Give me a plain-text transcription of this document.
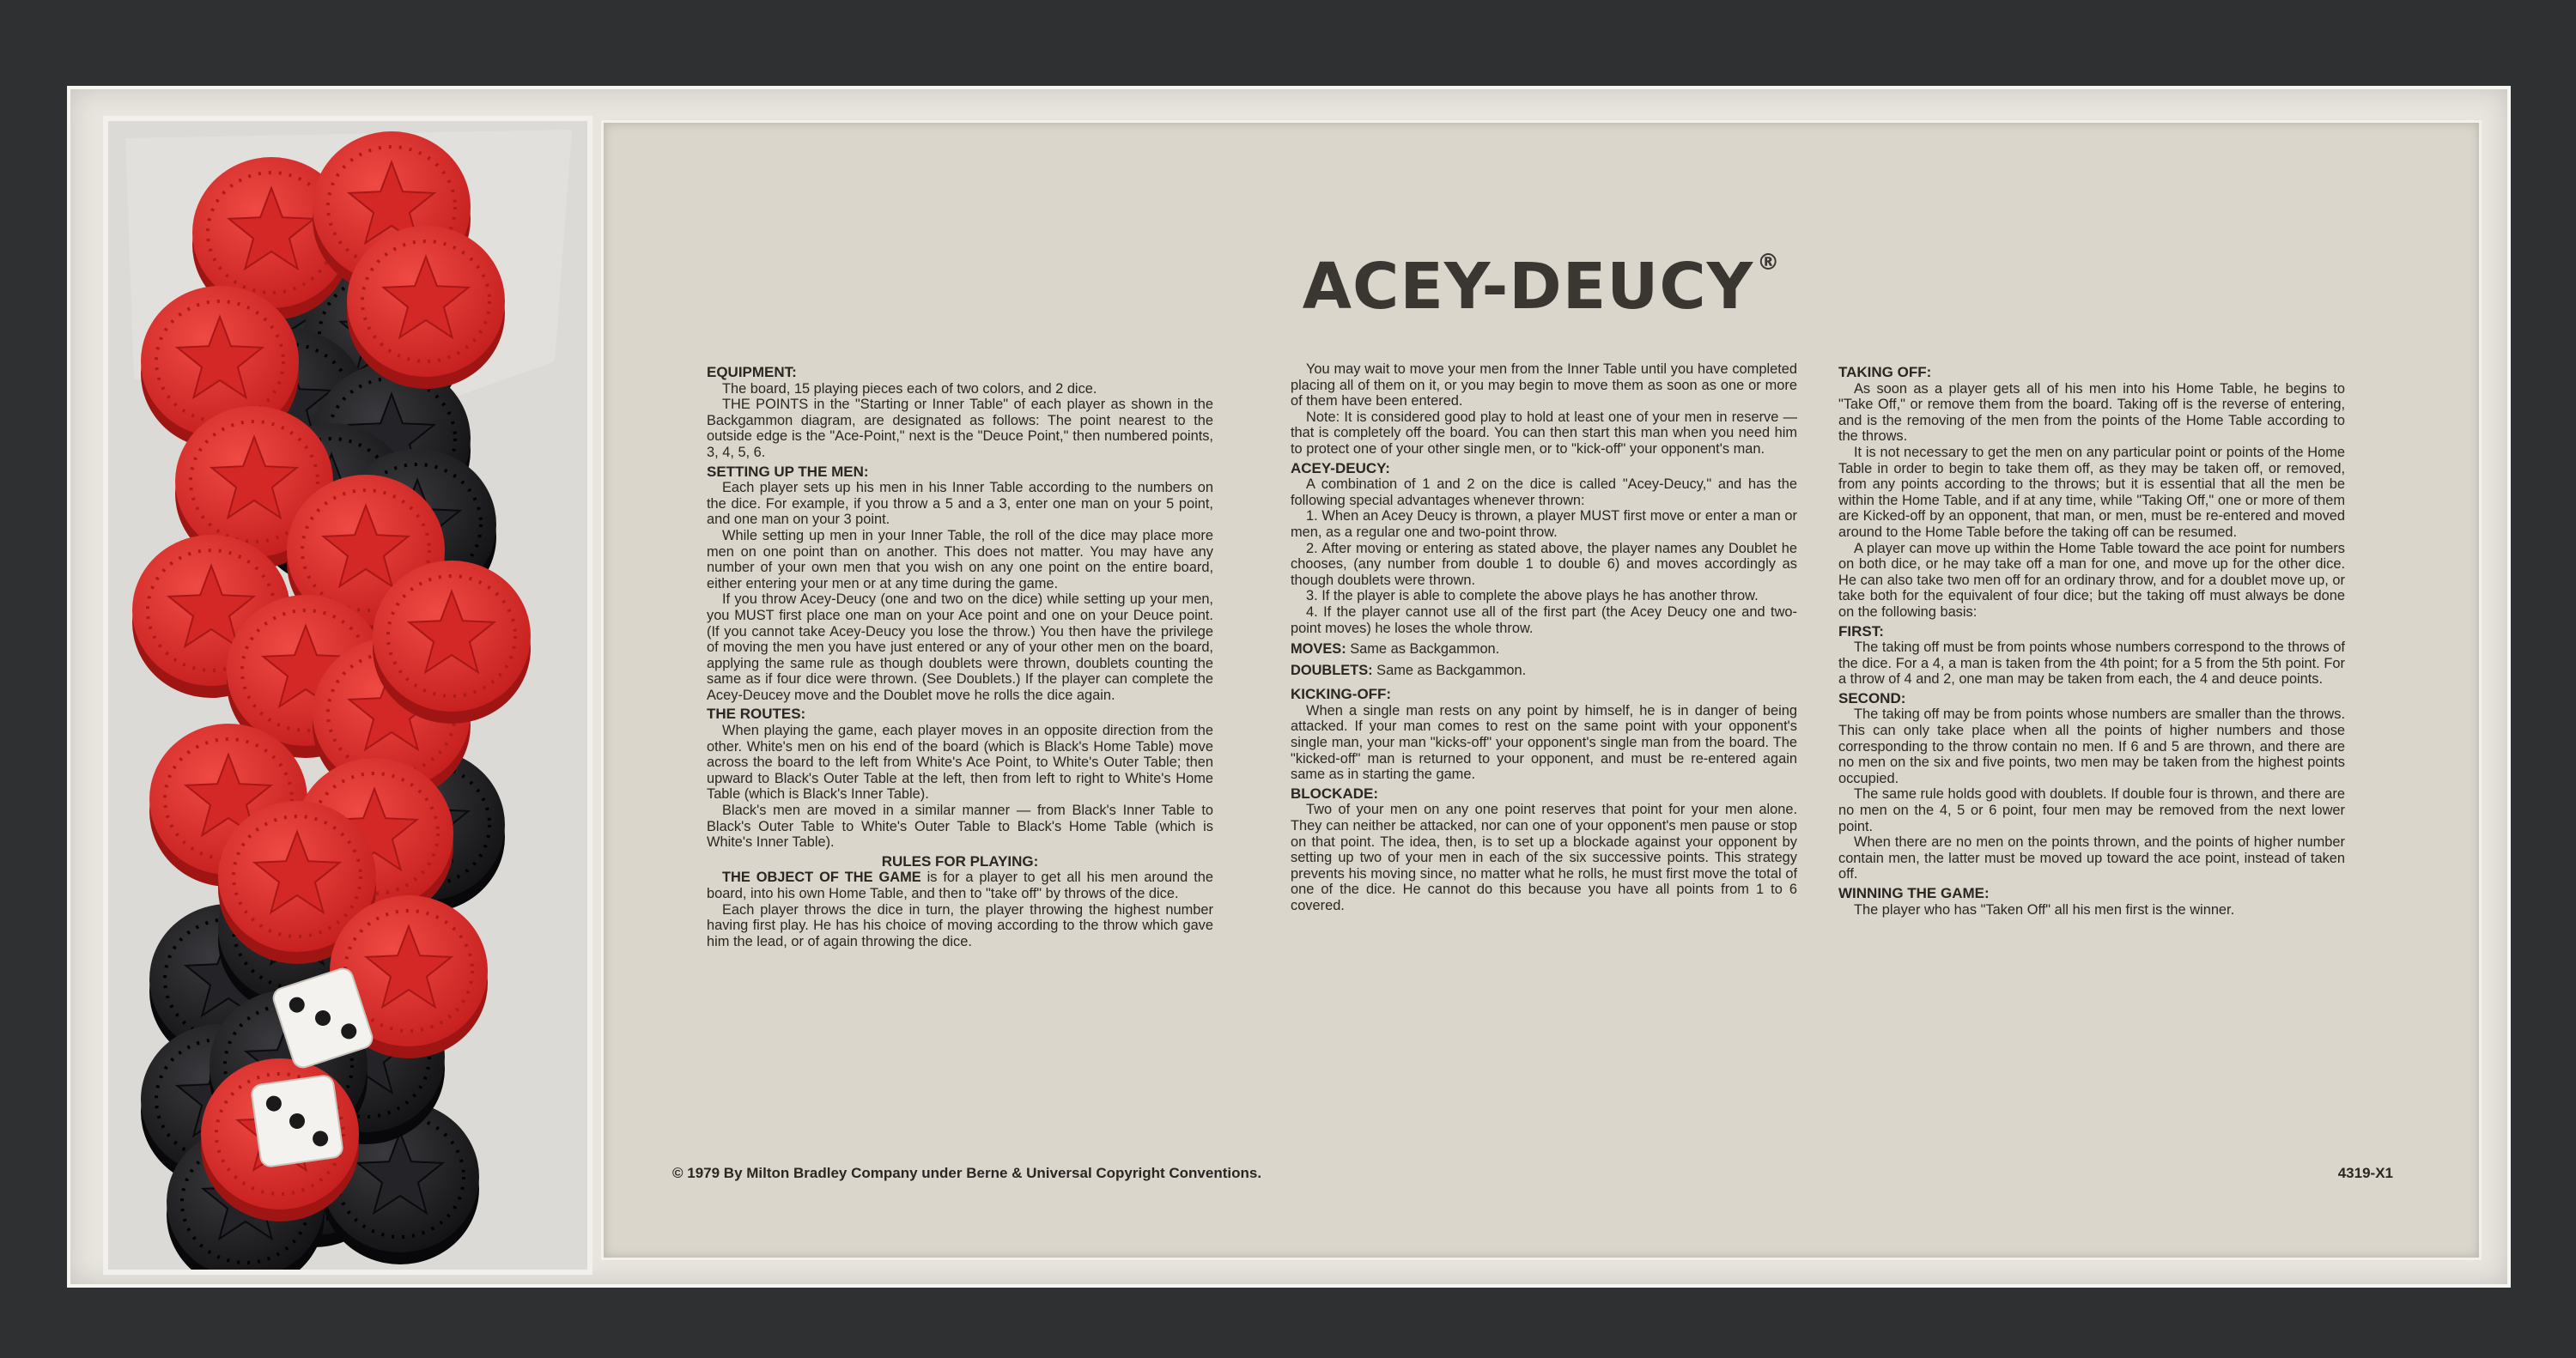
ACEY-DEUCY ®
EQUIPMENT:

The board, 15 playing pieces each of two colors, and 2 dice.

THE POINTS in the "Starting or Inner Table" of each player as shown in the Backgammon diagram, are designated as follows: The point nearest to the outside edge is the "Ace-Point," next is the "Deuce Point," then numbered points, 3, 4, 5, 6.

SETTING UP THE MEN:

Each player sets up his men in his Inner Table according to the numbers on the dice. For example, if you throw a 5 and a 3, enter one man on your 5 point, and one man on your 3 point.

While setting up men in your Inner Table, the roll of the dice may place more men on one point than on another. This does not matter. You may have any number of your own men that you wish on any one point on the entire board, either entering your men or at any time during the game.

If you throw Acey-Deucy (one and two on the dice) while setting up your men, you MUST first place one man on your Ace point and one on your Deuce point. (If you cannot take Acey-Deucy you lose the throw.) You then have the privilege of moving the men you have just entered or any of your other men on the board, applying the same rule as though doublets were thrown, doublets counting the same as if four dice were thrown. (See Doublets.) If the player can complete the Acey-Deucey move and the Doublet move he rolls the dice again.

THE ROUTES:

When playing the game, each player moves in an opposite direction from the other. White's men on his end of the board (which is Black's Home Table) move across the board to the left from White's Ace Point, to White's Outer Table; then upward to Black's Outer Table at the left, then from left to right to White's Home Table (which is Black's Inner Table).

Black's men are moved in a similar manner — from Black's Inner Table to Black's Outer Table to White's Outer Table to Black's Home Table (which is White's Inner Table).

RULES FOR PLAYING:

THE OBJECT OF THE GAME is for a player to get all his men around the board, into his own Home Table, and then to "take off" by throws of the dice.

Each player throws the dice in turn, the player throwing the highest number having first play. He has his choice of moving according to the throw which gave him the lead, or of again throwing the dice.

You may wait to move your men from the Inner Table until you have completed placing all of them on it, or you may begin to move them as soon as one or more of them have been entered.

Note: It is considered good play to hold at least one of your men in reserve — that is completely off the board. You can then start this man when you need him to protect one of your other single men, or to "kick-off" your opponent's man.

ACEY-DEUCY:

A combination of 1 and 2 on the dice is called "Acey-Deucy," and has the following special advantages whenever thrown:

1. When an Acey Deucy is thrown, a player MUST first move or enter a man or men, as a regular one and two-point throw.

2. After moving or entering as stated above, the player names any Doublet he chooses, (any number from double 1 to double 6) and moves accordingly as though doublets were thrown.

3. If the player is able to complete the above plays he has another throw.

4. If the player cannot use all of the first part (the Acey Deucy one and two-point moves) he loses the whole throw.

MOVES: Same as Backgammon.

DOUBLETS: Same as Backgammon.

KICKING-OFF:

When a single man rests on any point by himself, he is in danger of being attacked. If your man comes to rest on the same point with your opponent's single man, your man "kicks-off" your opponent's single man from the board. The "kicked-off" man is returned to your opponent, and must be re-entered again same as in starting the game.

BLOCKADE:

Two of your men on any one point reserves that point for your men alone. They can neither be attacked, nor can one of your opponent's men pause or stop on that point. The idea, then, is to set up a blockade against your opponent by setting up two of your men in each of the six successive points. This strategy prevents his moving since, no matter what he rolls, he must first move the total of one of the dice. He cannot do this because you have all points from 1 to 6 covered.

TAKING OFF:

As soon as a player gets all of his men into his Home Table, he begins to "Take Off," or remove them from the board. Taking off is the reverse of entering, and is the removing of the men from the points of the Home Table according to the throws.

It is not necessary to get the men on any particular point or points of the Home Table in order to begin to take them off, as they may be taken off, or removed, from any points according to the throws; but it is essential that all the men be within the Home Table, and if at any time, while "Taking Off," one or more of them are Kicked-off by an opponent, that man, or men, must be re-entered and moved around to the Home Table before the taking off can be resumed.

A player can move up within the Home Table toward the ace point for numbers on both dice, or he may take off a man for one, and move up for the other dice. He can also take two men off for an ordinary throw, and for a doublet move up, or take both for the equivalent of four dice; but the taking off must always be done on the following basis:

FIRST:

The taking off must be from points whose numbers correspond to the throws of the dice. For a 4, a man is taken from the 4th point; for a 5 from the 5th point. For a throw of 4 and 2, one man may be taken from each, the 4 and deuce points.

SECOND:

The taking off may be from points whose numbers are smaller than the throws. This can only take place when all the points of higher numbers and those corresponding to the throw contain no men. If 6 and 5 are thrown, and there are no men on the six and five points, two men may be taken from the highest points occupied.

The same rule holds good with doublets. If double four is thrown, and there are no men on the 4, 5 or 6 point, four men may be removed from the next lower point.

When there are no men on the points thrown, and the points of higher number contain men, the latter must be moved up toward the ace point, instead of taken off.

WINNING THE GAME:

The player who has "Taken Off" all his men first is the winner.

© 1979 By Milton Bradley Company under Berne & Universal Copyright Conventions.	4319-X1
